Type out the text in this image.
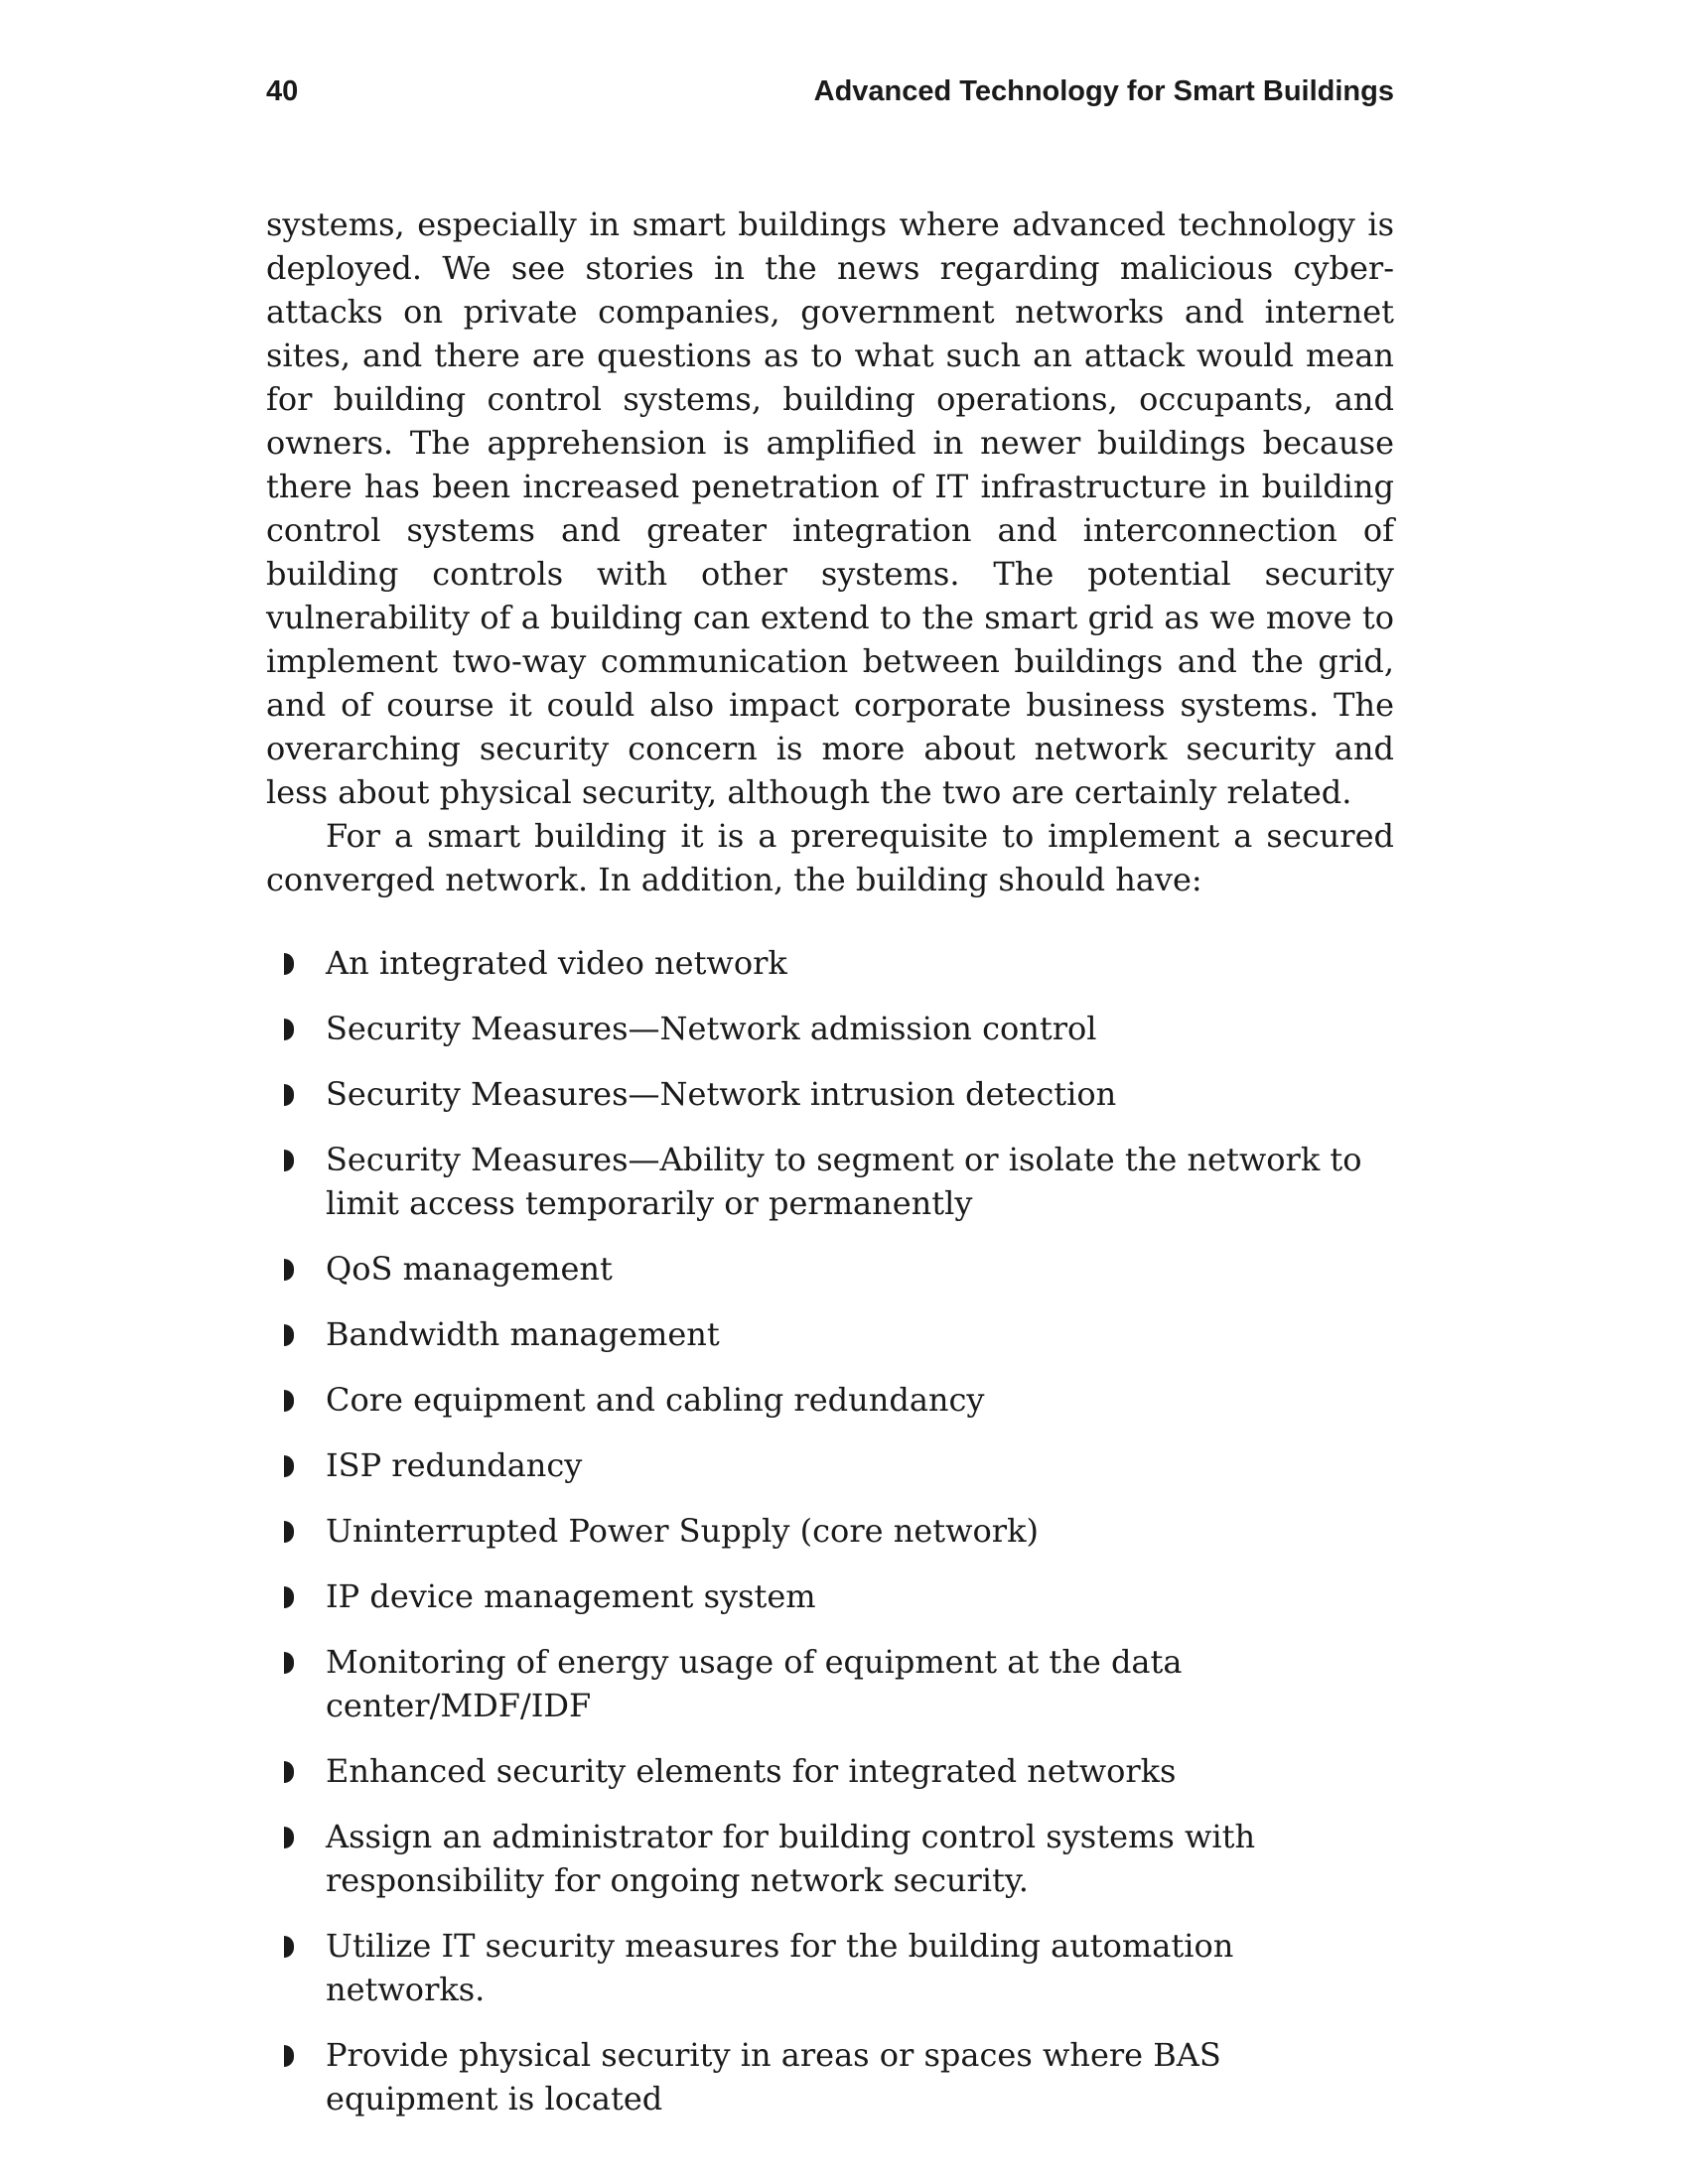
40	Advanced Technology for Smart Buildings

systems, especially in smart buildings where advanced technology is deployed. We see stories in the news regarding malicious cyber-attacks on private companies, government networks and internet sites, and there are questions as to what such an attack would mean for building control systems, building operations, occupants, and owners. The apprehension is amplified in newer buildings because there has been increased penetration of IT infrastructure in building control systems and greater integration and interconnection of building controls with other systems. The potential security vulnerability of a building can extend to the smart grid as we move to implement two-way communication between buildings and the grid, and of course it could also impact corporate business systems. The overarching security concern is more about network security and less about physical security, although the two are certainly related.

For a smart building it is a prerequisite to implement a secured converged network. In addition, the building should have:

An integrated video network
Security Measures—Network admission control
Security Measures—Network intrusion detection
Security Measures—Ability to segment or isolate the network to limit access temporarily or permanently
QoS management
Bandwidth management
Core equipment and cabling redundancy
ISP redundancy
Uninterrupted Power Supply (core network)
IP device management system
Monitoring of energy usage of equipment at the data center/MDF/IDF
Enhanced security elements for integrated networks
Assign an administrator for building control systems with responsibility for ongoing network security.
Utilize IT security measures for the building automation networks.
Provide physical security in areas or spaces where BAS equipment is located
